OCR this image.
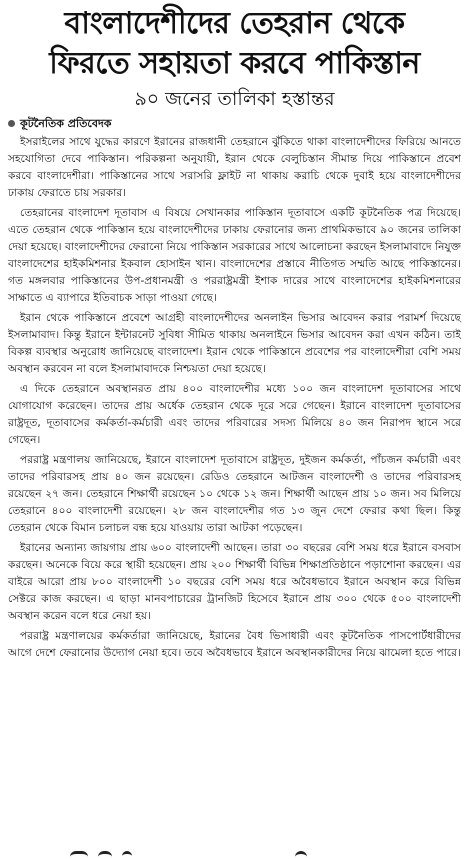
বাংলাদেশীদের তেহরান থেকে
ফিরতে সহায়তা করবে পাকিস্তান
৯০ জনের তালিকা হস্তান্তর
কূটনৈতিক প্রতিবেদক

ইসরাইলের সাথে যুদ্ধের কারণে ইরানের রাজধানী তেহরানে ঝুঁকিতে থাকা বাংলাদেশীদের ফিরিয়ে আনতে সহযোগিতা দেবে পাকিস্তান। পরিকল্পনা অনুযায়ী, ইরান থেকে বেলুচিস্তান সীমান্ত দিয়ে পাকিস্তানে প্রবেশ করবে বাংলাদেশীরা। পাকিস্তানের সাথে সরাসরি ফ্লাইট না থাকায় করাচি থেকে দুবাই হয়ে বাংলাদেশীদের ঢাকায় ফেরাতে চায় সরকার।

তেহরানের বাংলাদেশ দূতাবাস এ বিষয়ে সেখানকার পাকিস্তান দূতাবাসে একটি কূটনৈতিক পত্র দিয়েছে। এতে তেহরান থেকে পাকিস্তান হয়ে বাংলাদেশীদের ঢাকায় ফেরানোর জন্য প্রাথমিকভাবে ৯০ জনের তালিকা দেয়া হয়েছে। বাংলাদেশীদের ফেরানো নিয়ে পাকিস্তান সরকারের সাথে আলোচনা করছেন ইসলামাবাদে নিযুক্ত বাংলাদেশের হাইকমিশনার ইকবাল হোসাইন খান। বাংলাদেশের প্রস্তাবে নীতিগত সম্মতি আছে পাকিস্তানের। গত মঙ্গলবার পাকিস্তানের উপ-প্রধানমন্ত্রী ও পররাষ্ট্রমন্ত্রী ইশাক দারের সাথে বাংলাদেশের হাইকমিশনারের সাক্ষাতে এ ব্যাপারে ইতিবাচক সাড়া পাওয়া গেছে।

ইরান থেকে পাকিস্তানে প্রবেশে আগ্রহী বাংলাদেশীদের অনলাইন ভিসার আবেদন করার পরামর্শ দিয়েছে ইসলামাবাদ। কিন্তু ইরানে ইন্টারনেট সুবিধা সীমিত থাকায় অনলাইনে ভিসার আবেদন করা এখন কঠিন। তাই বিকল্প ব্যবস্থার অনুরোধ জানিয়েছে বাংলাদেশ। ইরান থেকে পাকিস্তানে প্রবেশের পর বাংলাদেশীরা বেশি সময় অবস্থান করবেন না বলে ইসলামাবাদকে নিশ্চয়তা দেয়া হয়েছে।

এ দিকে তেহরানে অবস্থানরত প্রায় ৪০০ বাংলাদেশীর মধ্যে ১০০ জন বাংলাদেশ দূতাবাসের সাথে যোগাযোগ করেছেন। তাদের প্রায় অর্ধেক তেহরান থেকে দূরে সরে গেছেন। ইরানে বাংলাদেশ দূতাবাসের রাষ্ট্রদূত, দূতাবাসের কর্মকর্তা-কর্মচারী এবং তাদের পরিবারের সদস্য মিলিয়ে ৪০ জন নিরাপদ স্থানে সরে গেছেন।

পররাষ্ট্র মন্ত্রণালয় জানিয়েছে, ইরানে বাংলাদেশ দূতাবাসে রাষ্ট্রদূত, দুইজন কর্মকর্তা, পাঁচজন কর্মচারী এবং তাদের পরিবারসহ প্রায় ৪০ জন রয়েছেন। রেডিও তেহরানে আটজন বাংলাদেশী ও তাদের পরিবারসহ রয়েছেন ২৭ জন। তেহরানে শিক্ষার্থী রয়েছেন ১০ থেকে ১২ জন। শিক্ষার্থী আছেন প্রায় ১০ জন। সব মিলিয়ে তেহরানে ৪০০ বাংলাদেশী রয়েছেন। ২৮ জন বাংলাদেশীর গত ১৩ জুন দেশে ফেরার কথা ছিল। কিন্তু তেহরান থেকে বিমান চলাচল বন্ধ হয়ে যাওয়ায় তারা আটকা পড়েছেন।

ইরানের অন্যান্য জায়গায় প্রায় ৬০০ বাংলাদেশী আছেন। তারা ৩০ বছরের বেশি সময় ধরে ইরানে বসবাস করছেন। অনেকে বিয়ে করে স্থায়ী হয়েছেন। প্রায় ২০০ শিক্ষার্থী বিভিন্ন শিক্ষাপ্রতিষ্ঠানে পড়াশোনা করছেন। এর বাইরে আরো প্রায় ৮০০ বাংলাদেশী ১০ বছরের বেশি সময় ধরে অবৈধভাবে ইরানে অবস্থান করে বিভিন্ন সেক্টরে কাজ করছেন। এ ছাড়া মানবপাচারের ট্রানজিট হিসেবে ইরানে প্রায় ৩০০ থেকে ৫০০ বাংলাদেশী অবস্থান করেন বলে ধরে নেয়া হয়।

পররাষ্ট্র মন্ত্রণালয়ের কর্মকর্তারা জানিয়েছে, ইরানের বৈধ ভিসাধারী এবং কূটনৈতিক পাসপোর্টধারীদের আগে দেশে ফেরানোর উদ্যোগ নেয়া হবে। তবে অবৈধভাবে ইরানে অবস্থানকারীদের নিয়ে ঝামেলা হতে পারে।
